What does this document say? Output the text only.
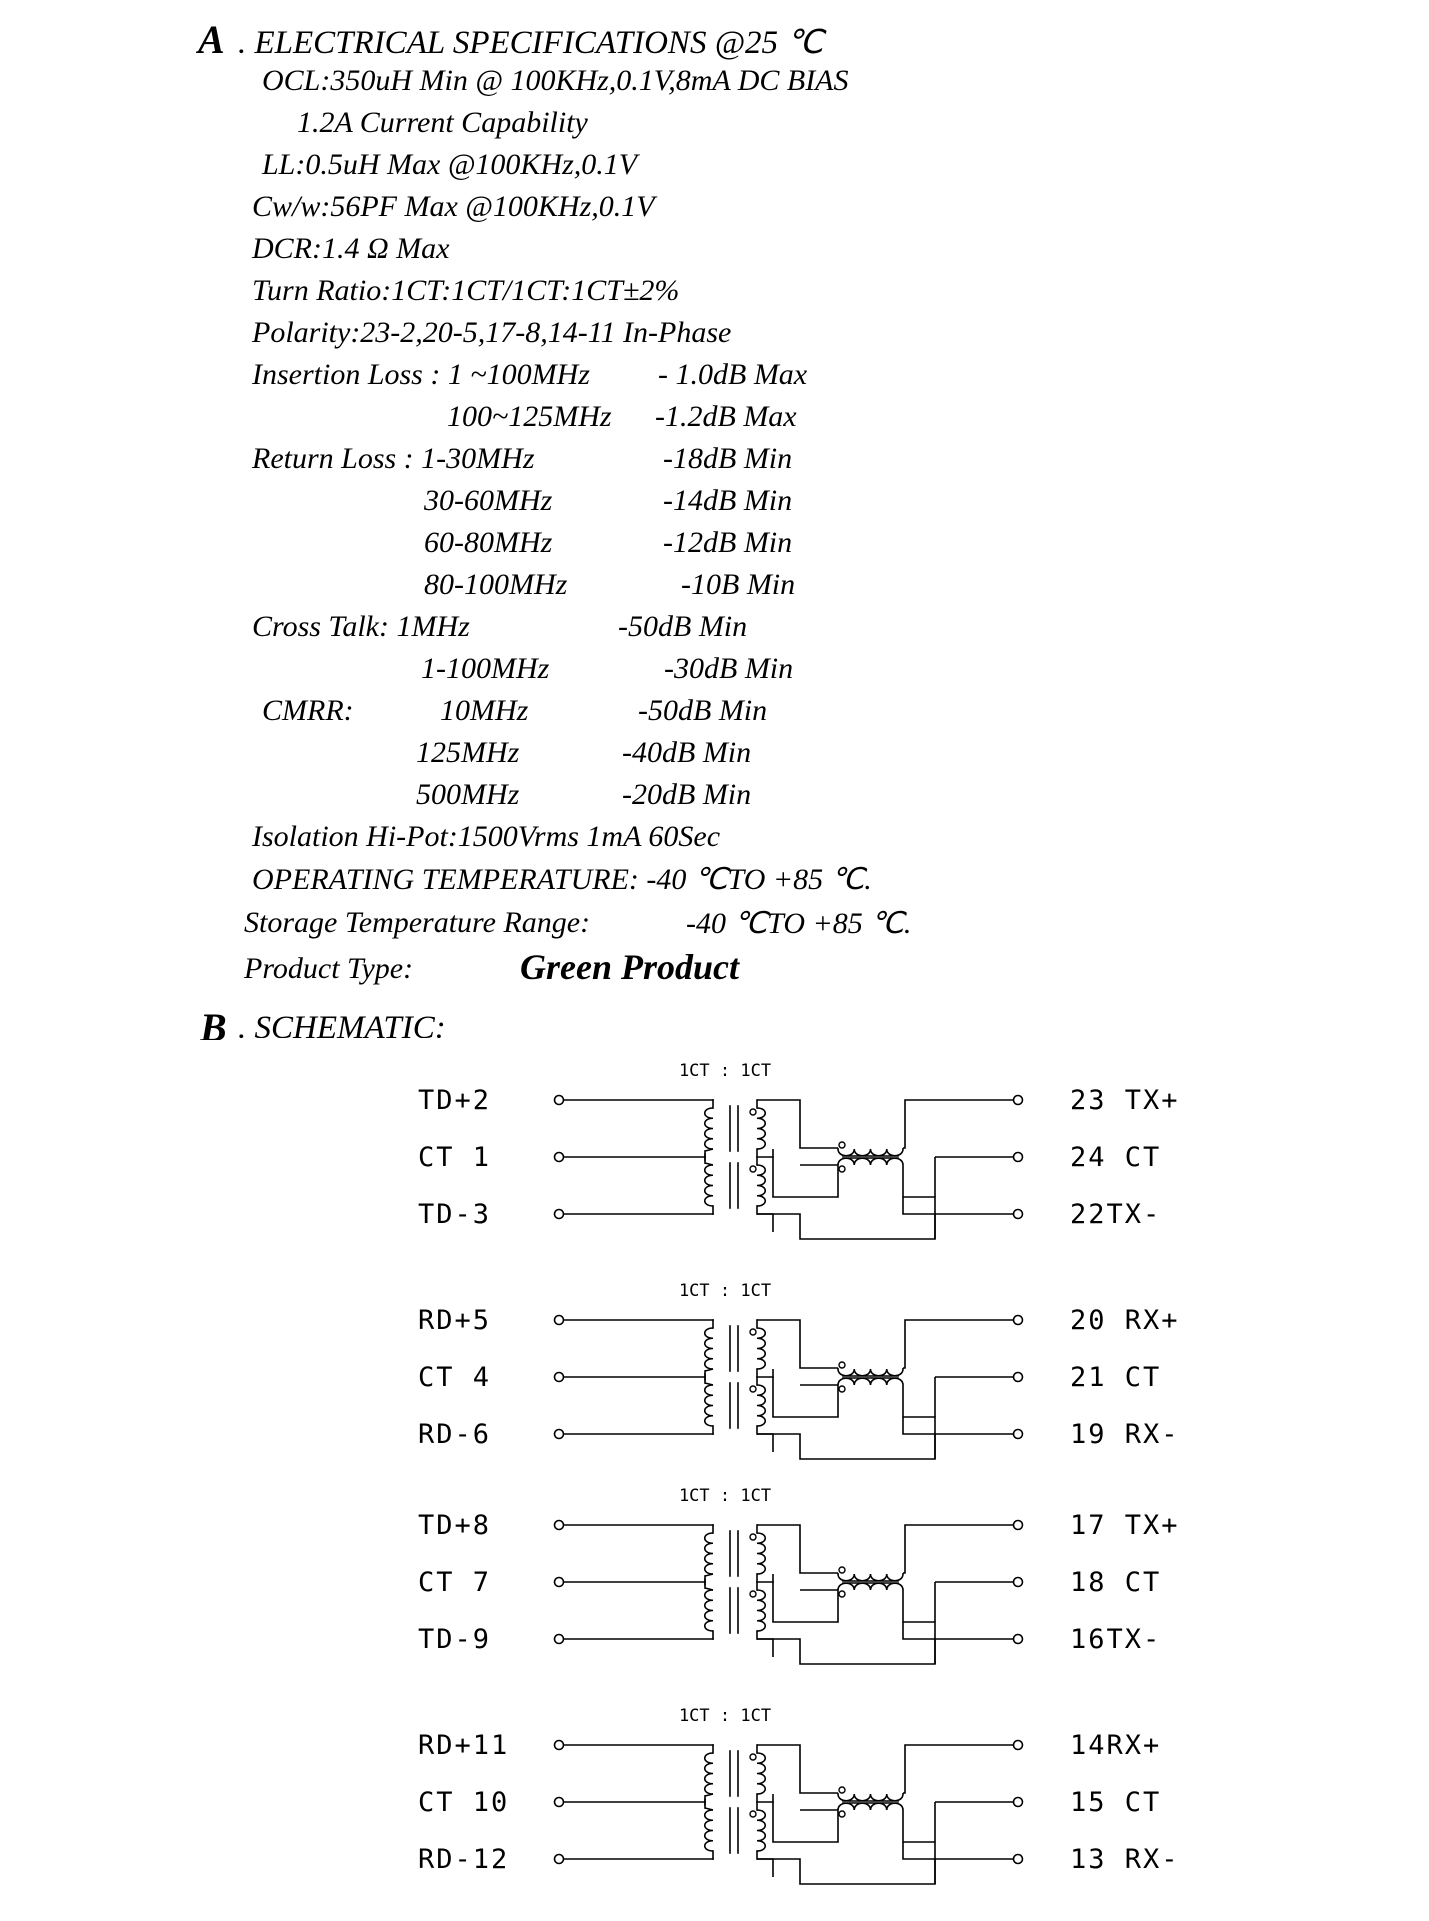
A . ELECTRICAL SPECIFICATIONS @25 ℃
OCL:350uH Min @ 100KHz,0.1V,8mA DC BIAS
1.2A Current Capability
LL:0.5uH Max @100KHz,0.1V
Cw/w:56PF Max @100KHz,0.1V
DCR:1.4 Ω Max
Turn Ratio:1CT:1CT/1CT:1CT±2%
Polarity:23-2,20-5,17-8,14-11 In-Phase
Insertion Loss : 1 ~100MHz - 1.0dB Max
100~125MHz -1.2dB Max
Return Loss : 1-30MHz	-18dB Min
30-60MHz	-14dB Min
60-80MHz	-12dB Min
80-100MHz	-10B Min
Cross Talk: 1MHz	-50dB Min
1-100MHz	-30dB Min
CMRR:	10MHz	-50dB Min
125MHz	-40dB Min
500MHz	-20dB Min
Isolation Hi-Pot:1500Vrms 1mA 60Sec
OPERATING TEMPERATURE: -40 ℃TO +85 ℃.
Storage Temperature Range:	-40 ℃TO +85 ℃.
Product Type:	Green Product
B . SCHEMATIC:
1CT : 1CT
TD+2	23 TX+
CT 1	24 CT
TD-3	22TX-
1CT : 1CT
RD+5	20 RX+
CT 4	21 CT
RD-6	19 RX-
1CT : 1CT
TD+8	17 TX+
CT 7	18 CT
TD-9	16TX-
1CT : 1CT
RD+11	14RX+
CT 10	15 CT
RD-12	13 RX-
